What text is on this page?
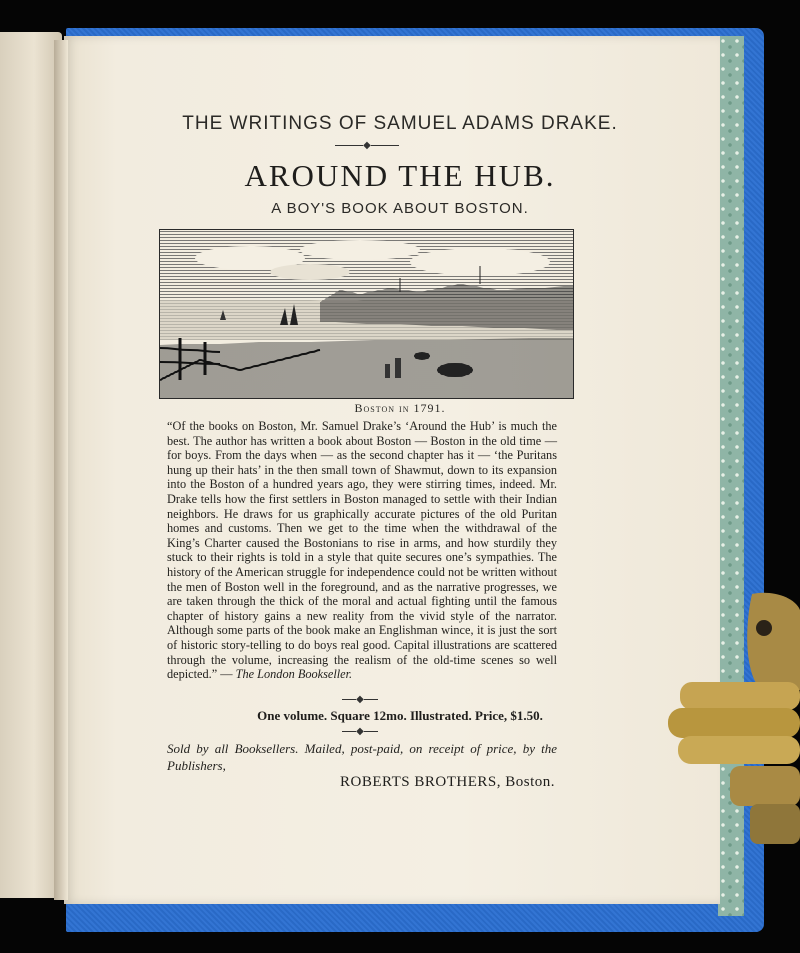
THE WRITINGS OF SAMUEL ADAMS DRAKE.
◆
AROUND THE HUB.
A BOY'S BOOK ABOUT BOSTON.
Boston in 1791.
“Of the books on Boston, Mr. Samuel Drake’s ‘Around the Hub’ is much the best. The author has written a book about Boston — Boston in the old time — for boys. From the days when — as the second chapter has it — ‘the Puritans hung up their hats’ in the then small town of Shawmut, down to its expansion into the Boston of a hundred years ago, they were stirring times, indeed. Mr. Drake tells how the first settlers in Boston managed to settle with their Indian neighbors. He draws for us graphically accurate pictures of the old Puritan homes and customs. Then we get to the time when the withdrawal of the King’s Charter caused the Bostonians to rise in arms, and how sturdily they stuck to their rights is told in a style that quite secures one’s sympathies. The history of the American struggle for independence could not be written without the men of Boston well in the foreground, and as the narrative progresses, we are taken through the thick of the moral and actual fighting until the famous chapter of history gains a new reality from the vivid style of the narrator. Although some parts of the book make an Englishman wince, it is just the sort of historic story-telling to do boys real good. Capital illustrations are scattered through the volume, increasing the realism of the old-time scenes so well depicted.” — The London Bookseller.
◆
One volume. Square 12mo. Illustrated. Price, $1.50.
◆
Sold by all Booksellers. Mailed, post-paid, on receipt of price, by the Publishers,
ROBERTS BROTHERS, Boston.
